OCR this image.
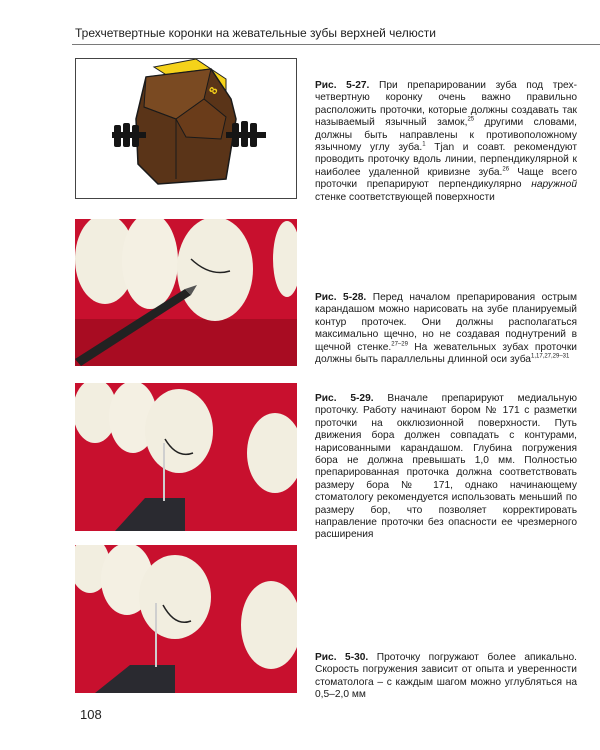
Трехчетвертные коронки на жевательные зубы верхней челюсти
8	Рис. 5-27. При препарировании зуба под трех-четвертную коронку очень важно правильно расположить проточки, которые должны создавать так называемый язычный замок,$^{25}$ другими словами, должны быть направлены к противоположному язычному углу зуба.$^1$ Tjan и соавт. рекомендуют проводить проточку вдоль линии, перпендикулярной к наиболее удаленной кривизне зуба.$^{26}$ Чаще всего проточки препарируют перпендикулярно наружной стенке соответствующей поверхности
Рис. 5-28. Перед началом препарирования острым карандашом можно нарисовать на зубе планируемый контур проточек. Они должны располагаться максимально щечно, но не создавая поднутрений в щечной стенке.$^{27-29}$ На жевательных зубах проточки должны быть параллельны длинной оси зуба$^{1,17,27,29-31}$
Рис. 5-29. Вначале препарируют медиальную проточку. Работу начинают бором № 171 с разметки проточки на окклюзионной поверхности. Путь движения бора должен совпадать с контурами, нарисованными карандашом. Глубина погружения бора не должна превышать 1,0 мм. Полностью препарированная проточка должна соответствовать размеру бора № 171, однако начинающему стоматологу рекомендуется использовать меньший по размеру бор, что позволяет корректировать направление проточки без опасности ее чрезмерного расширения
Рис. 5-30. Проточку погружают более апикально. Скорость погружения зависит от опыта и уверенности стоматолога – с каждым шагом можно углубляться на 0,5–2,0 мм
108
